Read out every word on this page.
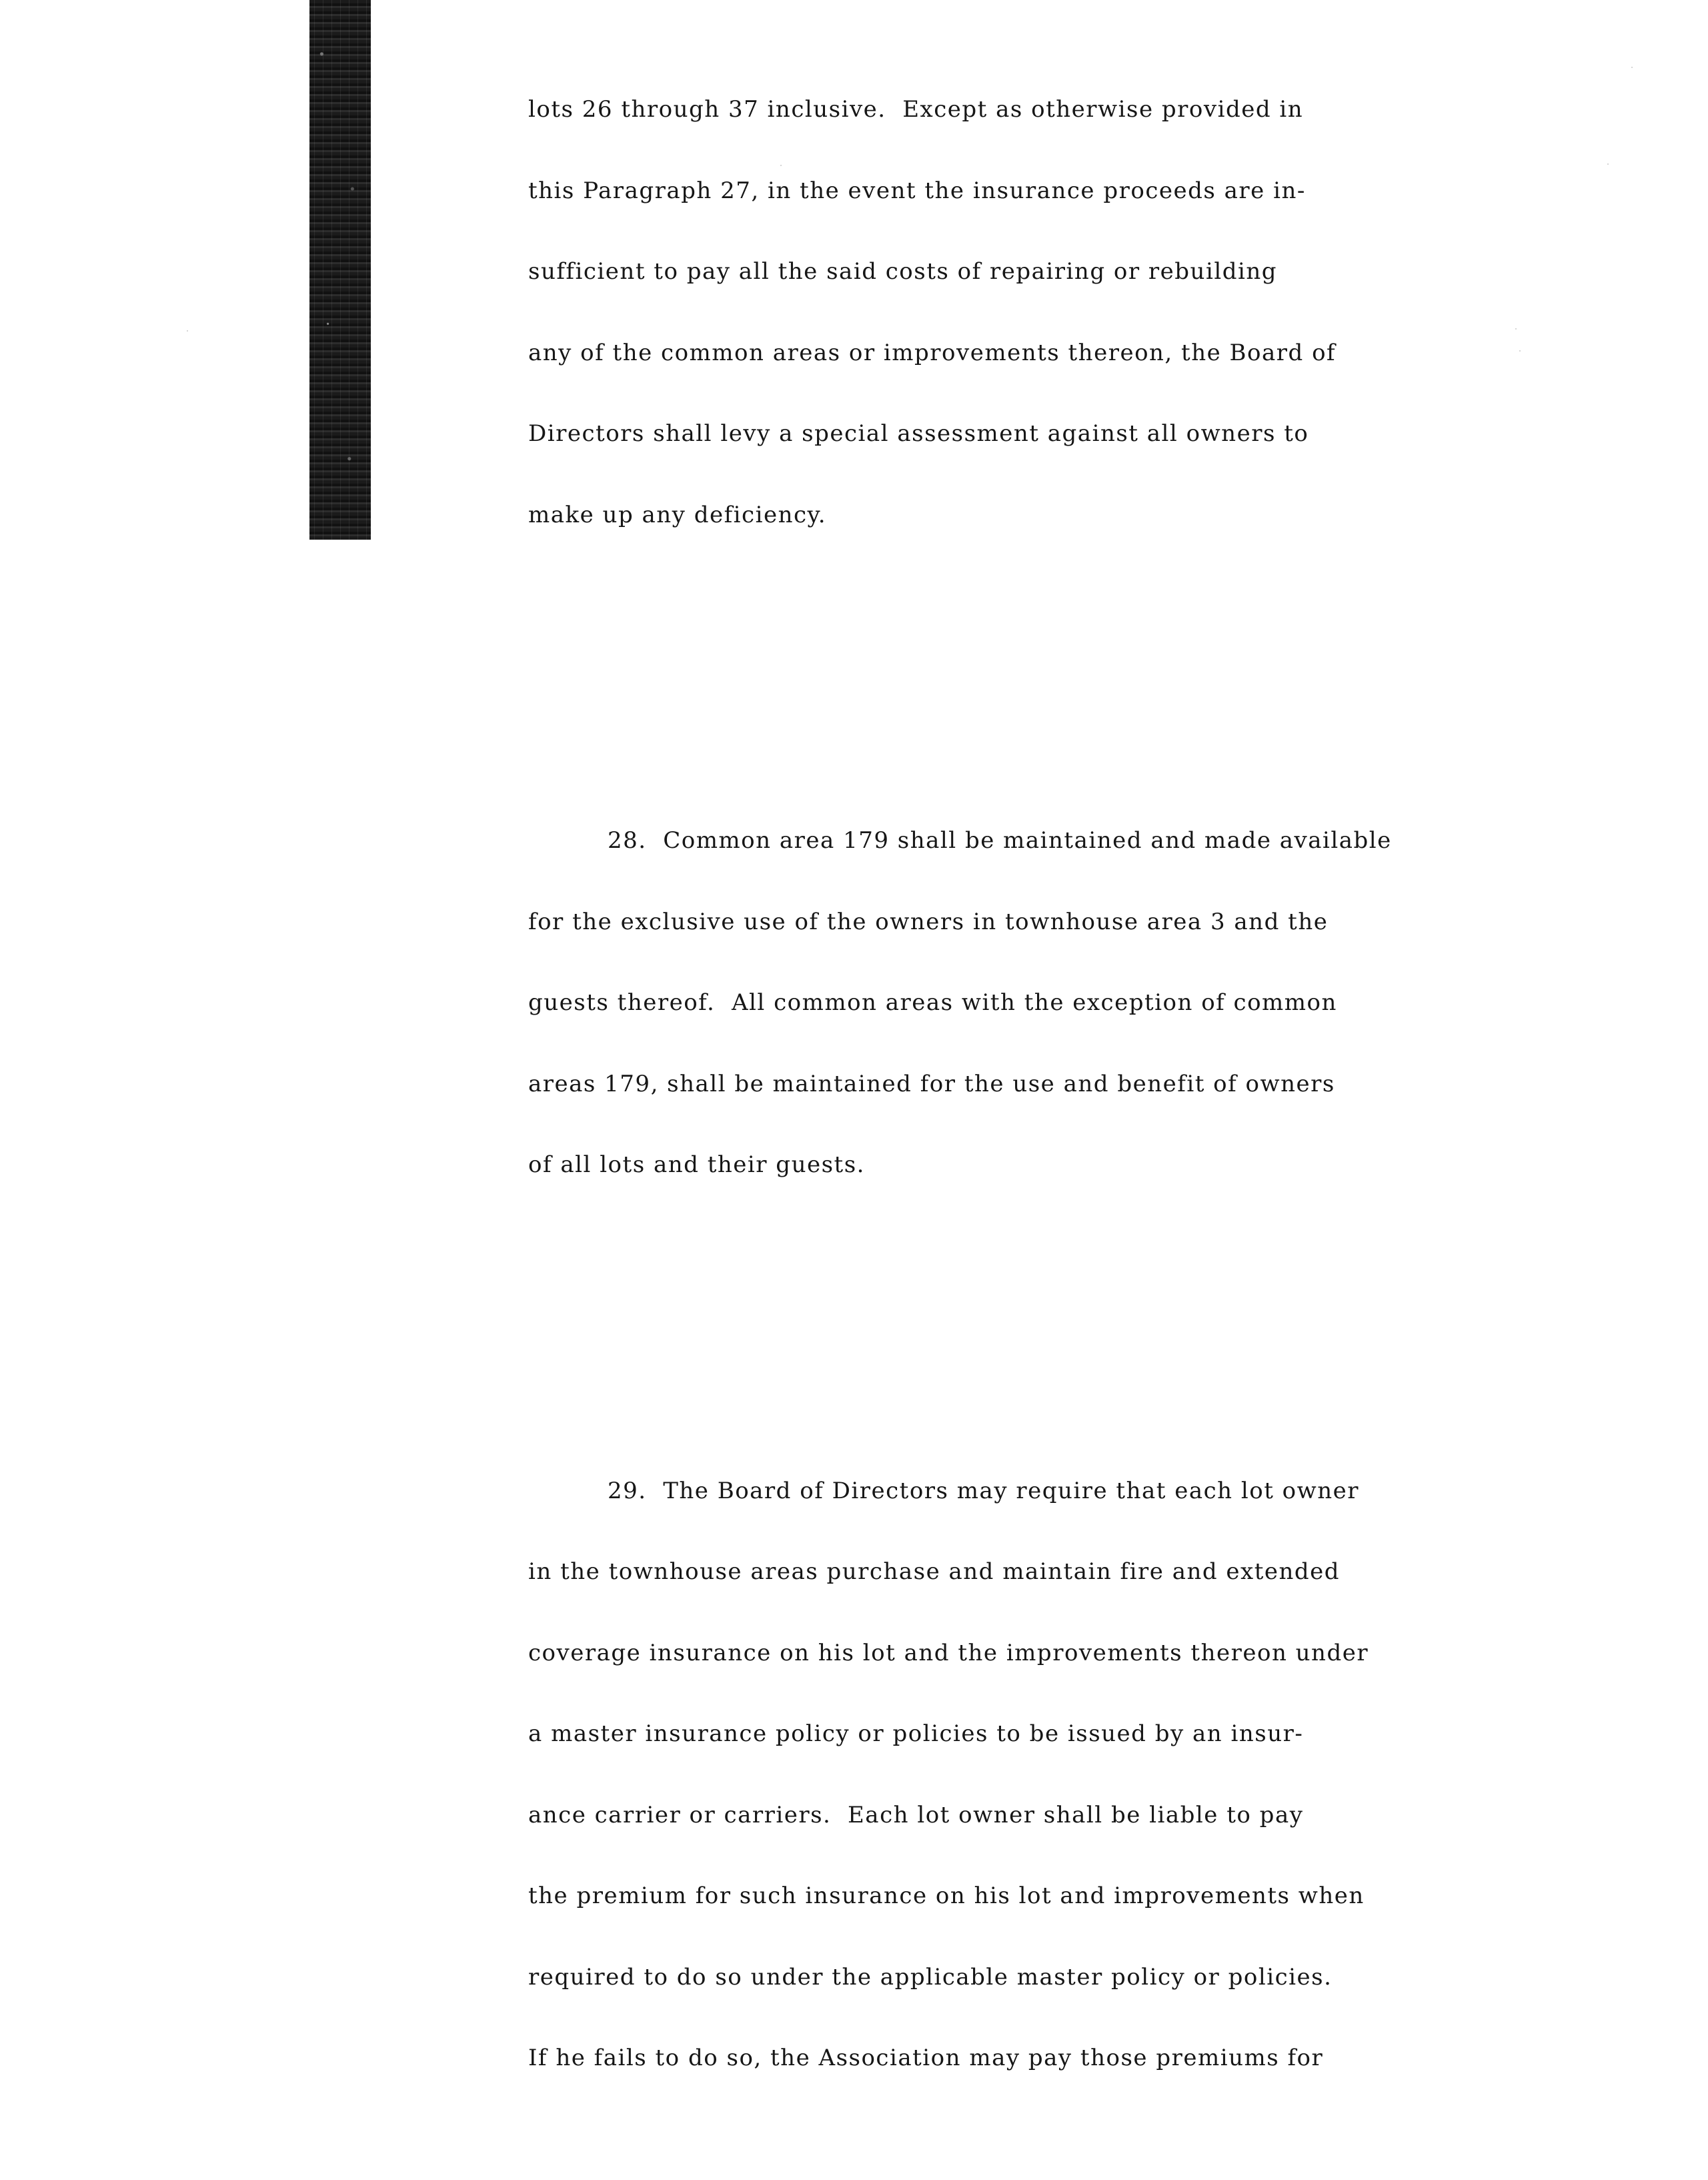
lots 26 through 37 inclusive.  Except as otherwise provided in

this Paragraph 27, in the event the insurance proceeds are in-

sufficient to pay all the said costs of repairing or rebuilding

any of the common areas or improvements thereon, the Board of

Directors shall levy a special assessment against all owners to

make up any deficiency.

28. Common area 179 shall be maintained and made available

for the exclusive use of the owners in townhouse area 3 and the

guests thereof.  All common areas with the exception of common

areas 179, shall be maintained for the use and benefit of owners

of all lots and their guests.

29. The Board of Directors may require that each lot owner

in the townhouse areas purchase and maintain fire and extended

coverage insurance on his lot and the improvements thereon under

a master insurance policy or policies to be issued by an insur-

ance carrier or carriers.  Each lot owner shall be liable to pay

the premium for such insurance on his lot and improvements when

required to do so under the applicable master policy or policies.

If he fails to do so, the Association may pay those premiums for
